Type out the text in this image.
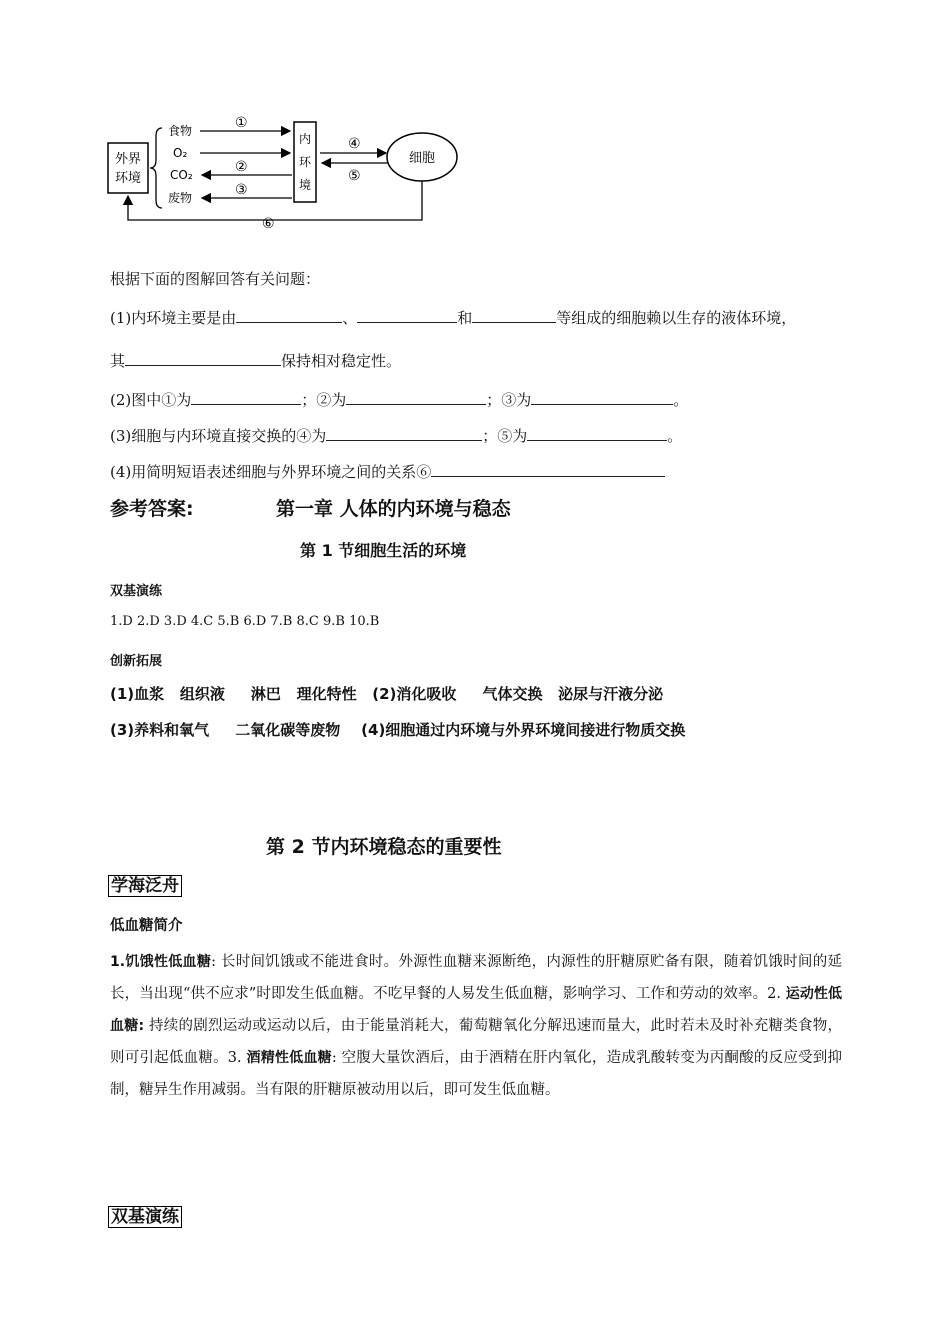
外界
环境
食物
O₂
CO₂
废物
①
②
③
内
环
境
④
⑤
细胞
⑥
根据下面的图解回答有关问题：
(1)内环境主要是由	、	和	等组成的细胞赖以生存的液体环境，
其	保持相对稳定性。
(2)图中①为	；②为	；③为	。
(3)细胞与内环境直接交换的④为	；⑤为	。
(4)用简明短语表述细胞与外界环境之间的关系⑥
参考答案:	第一章 人体的内环境与稳态
第 1 节细胞生活的环境
双基演练
1.D 2.D 3.D 4.C 5.B 6.D 7.B 8.C 9.B 10.B
创新拓展
(1)血浆   组织液     淋巴   理化特性   (2)消化吸收     气体交换   泌尿与汗液分泌
(3)养料和氧气     二氧化碳等废物    (4)细胞通过内环境与外界环境间接进行物质交换
第 2 节内环境稳态的重要性
学海泛舟
低血糖简介
1.饥饿性低血糖: 长时间饥饿或不能进食时。外源性血糖来源断绝，内源性的肝糖原贮备有限，随着饥饿时间的延长，当出现“供不应求”时即发生低血糖。不吃早餐的人易发生低血糖，影响学习、工作和劳动的效率。2. 运动性低血糖: 持续的剧烈运动或运动以后，由于能量消耗大，葡萄糖氧化分解迅速而量大，此时若未及时补充糖类食物，则可引起低血糖。3. 酒精性低血糖: 空腹大量饮酒后，由于酒精在肝内氧化，造成乳酸转变为丙酮酸的反应受到抑制，糖异生作用减弱。当有限的肝糖原被动用以后，即可发生低血糖。
双基演练
